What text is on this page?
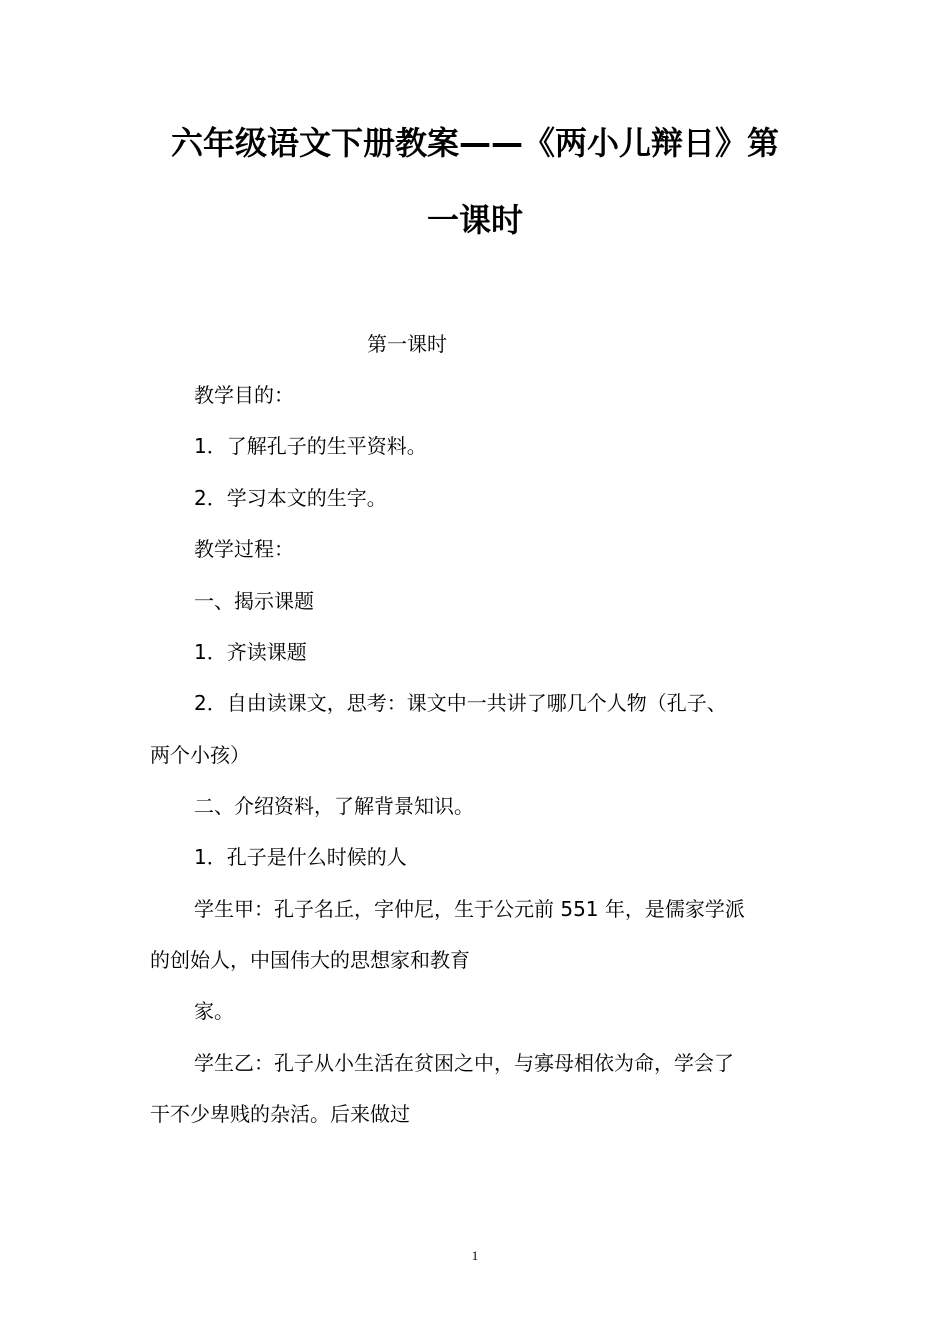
六年级语文下册教案——《两小儿辩日》第
一课时

第一课时

教学目的：

1．了解孔子的生平资料。

2．学习本文的生字。

教学过程：

一、揭示课题

1．齐读课题

2．自由读课文，思考：课文中一共讲了哪几个人物（孔子、

两个小孩）

二、介绍资料，了解背景知识。

1．孔子是什么时候的人

学生甲：孔子名丘，字仲尼，生于公元前 551 年，是儒家学派

的创始人，中国伟大的思想家和教育

家。

学生乙：孔子从小生活在贫困之中，与寡母相依为命，学会了

干不少卑贱的杂活。后来做过

1
